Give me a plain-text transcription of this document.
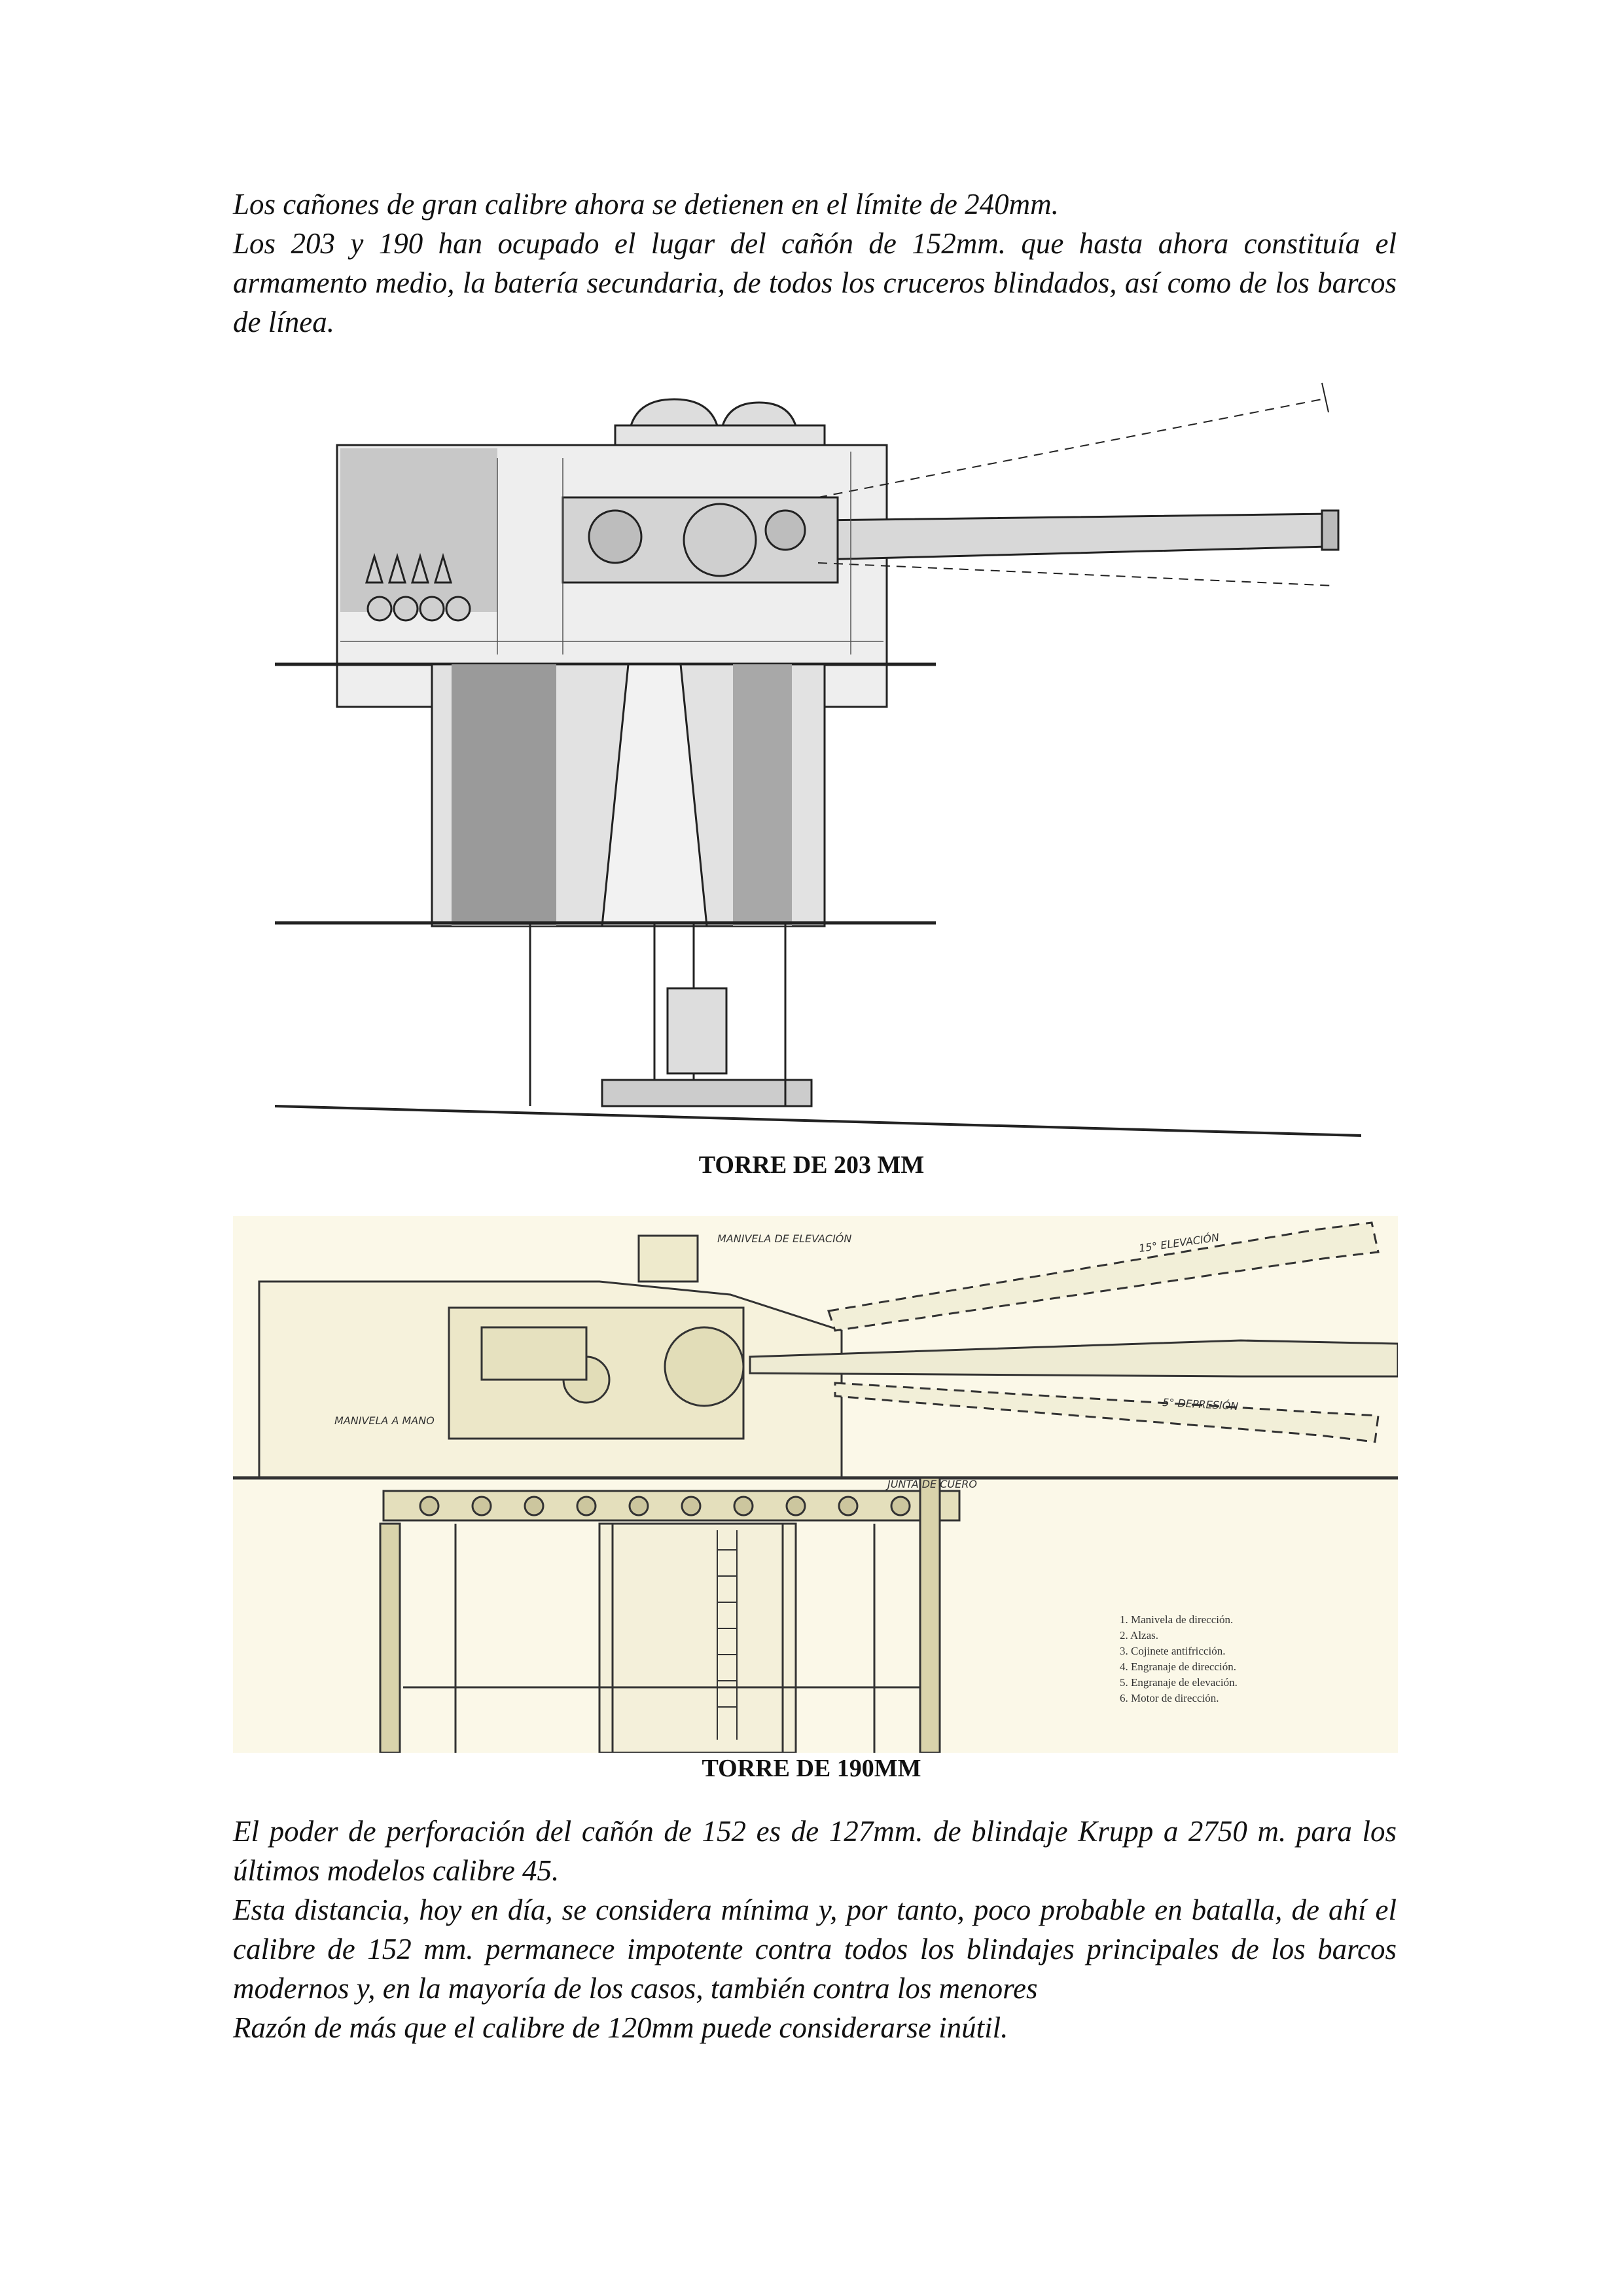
Los cañones de gran calibre ahora se detienen en el límite de 240mm.
Los 203 y 190 han ocupado el lugar del cañón de 152mm. que hasta ahora constituía el armamento medio, la batería secundaria, de todos los cruceros blindados, así como de los barcos de línea.
TORRE DE 203 MM
MANIVELA DE ELEVACIÓN
MANIVELA A MANO
JUNTA DE CUERO
15° ELEVACIÓN
5° DEPRESIÓN
1. Manivela de dirección.
2. Alzas.
3. Cojinete antifricción.
4. Engranaje de dirección.
5. Engranaje de elevación.
6. Motor de dirección.
TORRE DE 190MM
El poder de perforación del cañón de 152 es de 127mm. de blindaje Krupp a 2750 m. para los últimos modelos calibre 45.
Esta distancia, hoy en día, se considera mínima y, por tanto, poco probable en batalla, de ahí el calibre de 152 mm. permanece impotente contra todos los blindajes principales de los barcos modernos y, en la mayoría de los casos, también contra los menores
Razón de más que el calibre de 120mm puede considerarse inútil.
